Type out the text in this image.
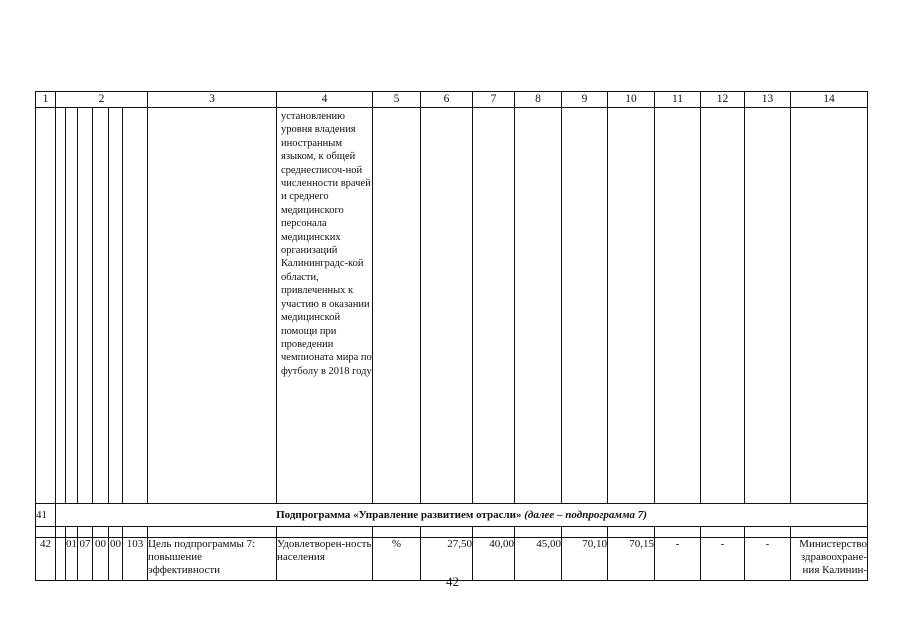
1	2						3	4	5	6	7	8	9	10	11	12	13	14

								установлению уровня владения иностранным языком, к общей среднесписоч-ной численности врачей и среднего медицинского персонала медицинских организаций Калининградс-кой области, привлеченных к участию в оказании медицинской помощи при проведении чемпионата мира по футболу в 2018 году										

41	Подпрограмма «Управление развитием отрасли» (далее – подпрограмма 7)																	

42		01	07	00	00	103	Цель подпрограммы 7: повышение эффективности	Удовлетворен-ность населения	%	27,50	40,00	45,00	70,10	70,15	-	-	-	Министерство здравоохране-ния Калинин-
42
